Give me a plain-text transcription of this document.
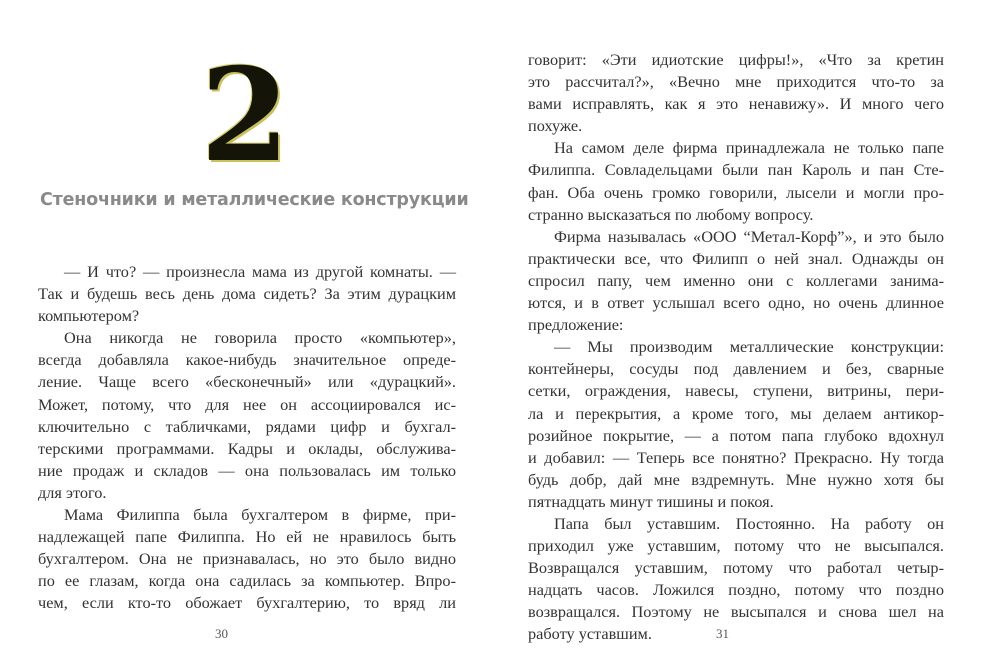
2
Стеночники и металлические конструкции
— И что? — произнесла мама из другой комнаты. —
Так и будешь весь день дома сидеть? За этим дурацким
компьютером?
Она никогда не говорила просто «компьютер»,
всегда добавляла какое-нибудь значительное опреде-
ление. Чаще всего «бесконечный» или «дурацкий».
Может, потому, что для нее он ассоциировался ис-
ключительно с табличками, рядами цифр и бухгал-
терскими программами. Кадры и оклады, обслужива-
ние продаж и складов — она пользовалась им только
для этого.
Мама Филиппа была бухгалтером в фирме, при-
надлежащей папе Филиппа. Но ей не нравилось быть
бухгалтером. Она не признавалась, но это было видно
по ее глазам, когда она садилась за компьютер. Впро-
чем, если кто-то обожает бухгалтерию, то вряд ли
30
говорит: «Эти идиотские цифры!», «Что за кретин
это рассчитал?», «Вечно мне приходится что-то за
вами исправлять, как я это ненавижу». И много чего
похуже.
На самом деле фирма принадлежала не только папе
Филиппа. Совладельцами были пан Кароль и пан Сте-
фан. Оба очень громко говорили, лысели и могли про-
странно высказаться по любому вопросу.
Фирма называлась «ООО “Метал-Корф”», и это было
практически все, что Филипп о ней знал. Однажды он
спросил папу, чем именно они с коллегами занима-
ются, и в ответ услышал всего одно, но очень длинное
предложение:
— Мы производим металлические конструкции:
контейнеры, сосуды под давлением и без, сварные
сетки, ограждения, навесы, ступени, витрины, пери-
ла и перекрытия, а кроме того, мы делаем антикор-
розийное покрытие, — а потом папа глубоко вдохнул
и добавил: — Теперь все понятно? Прекрасно. Ну тогда
будь добр, дай мне вздремнуть. Мне нужно хотя бы
пятнадцать минут тишины и покоя.
Папа был уставшим. Постоянно. На работу он
приходил уже уставшим, потому что не высыпался.
Возвращался уставшим, потому что работал четыр-
надцать часов. Ложился поздно, потому что поздно
возвращался. Поэтому не высыпался и снова шел на
работу уставшим.	31
